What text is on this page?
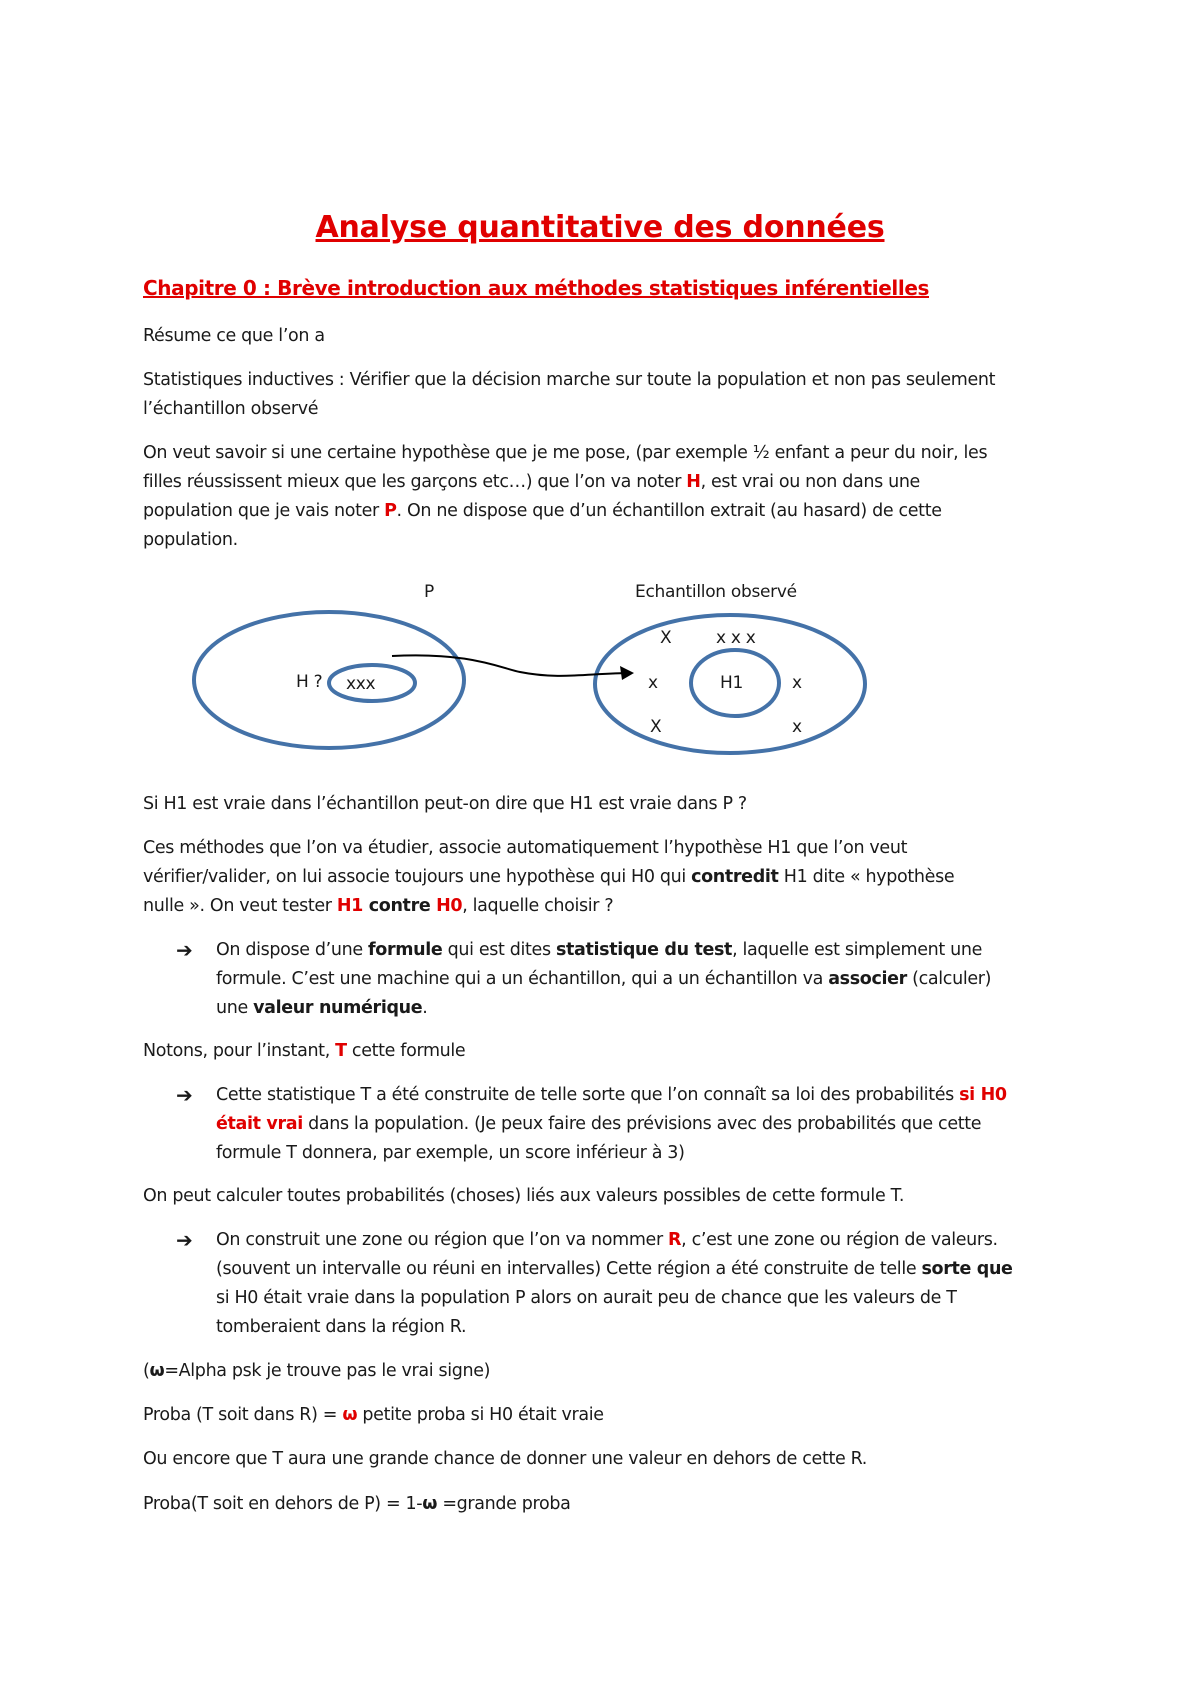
Analyse quantitative des données
Chapitre 0 : Brève introduction aux méthodes statistiques inférentielles

Résume ce que l’on a

Statistiques inductives : Vérifier que la décision marche sur toute la population et non pas seulement
l’échantillon observé
On veut savoir si une certaine hypothèse que je me pose, (par exemple ½ enfant a peur du noir, les
filles réussissent mieux que les garçons etc…) que l’on va noter H, est vrai ou non dans une
population que je vais noter P. On ne dispose que d’un échantillon extrait (au hasard) de cette
population.
P	Echantillon observé
H ? xxx	H1
X	x x x
x	x
X	x

Si H1 est vraie dans l’échantillon peut-on dire que H1 est vraie dans P ?

Ces méthodes que l’on va étudier, associe automatiquement l’hypothèse H1 que l’on veut
vérifier/valider, on lui associe toujours une hypothèse qui H0 qui contredit H1 dite « hypothèse
nulle ». On veut tester H1 contre H0, laquelle choisir ?
➔ On dispose d’une formule qui est dites statistique du test, laquelle est simplement une
formule. C’est une machine qui a un échantillon, qui a un échantillon va associer (calculer)
une valeur numérique.
Notons, pour l’instant, T cette formule
➔ Cette statistique T a été construite de telle sorte que l’on connaît sa loi des probabilités si H0
était vrai dans la population. (Je peux faire des prévisions avec des probabilités que cette
formule T donnera, par exemple, un score inférieur à 3)

On peut calculer toutes probabilités (choses) liés aux valeurs possibles de cette formule T.

➔ On construit une zone ou région que l’on va nommer R, c’est une zone ou région de valeurs.
(souvent un intervalle ou réuni en intervalles) Cette région a été construite de telle sorte que
si H0 était vraie dans la population P alors on aurait peu de chance que les valeurs de T
tomberaient dans la région R.
(ω=Alpha psk je trouve pas le vrai signe)
Proba (T soit dans R) = ω petite proba si H0 était vraie

Ou encore que T aura une grande chance de donner une valeur en dehors de cette R.

Proba(T soit en dehors de P) = 1-ω =grande proba
